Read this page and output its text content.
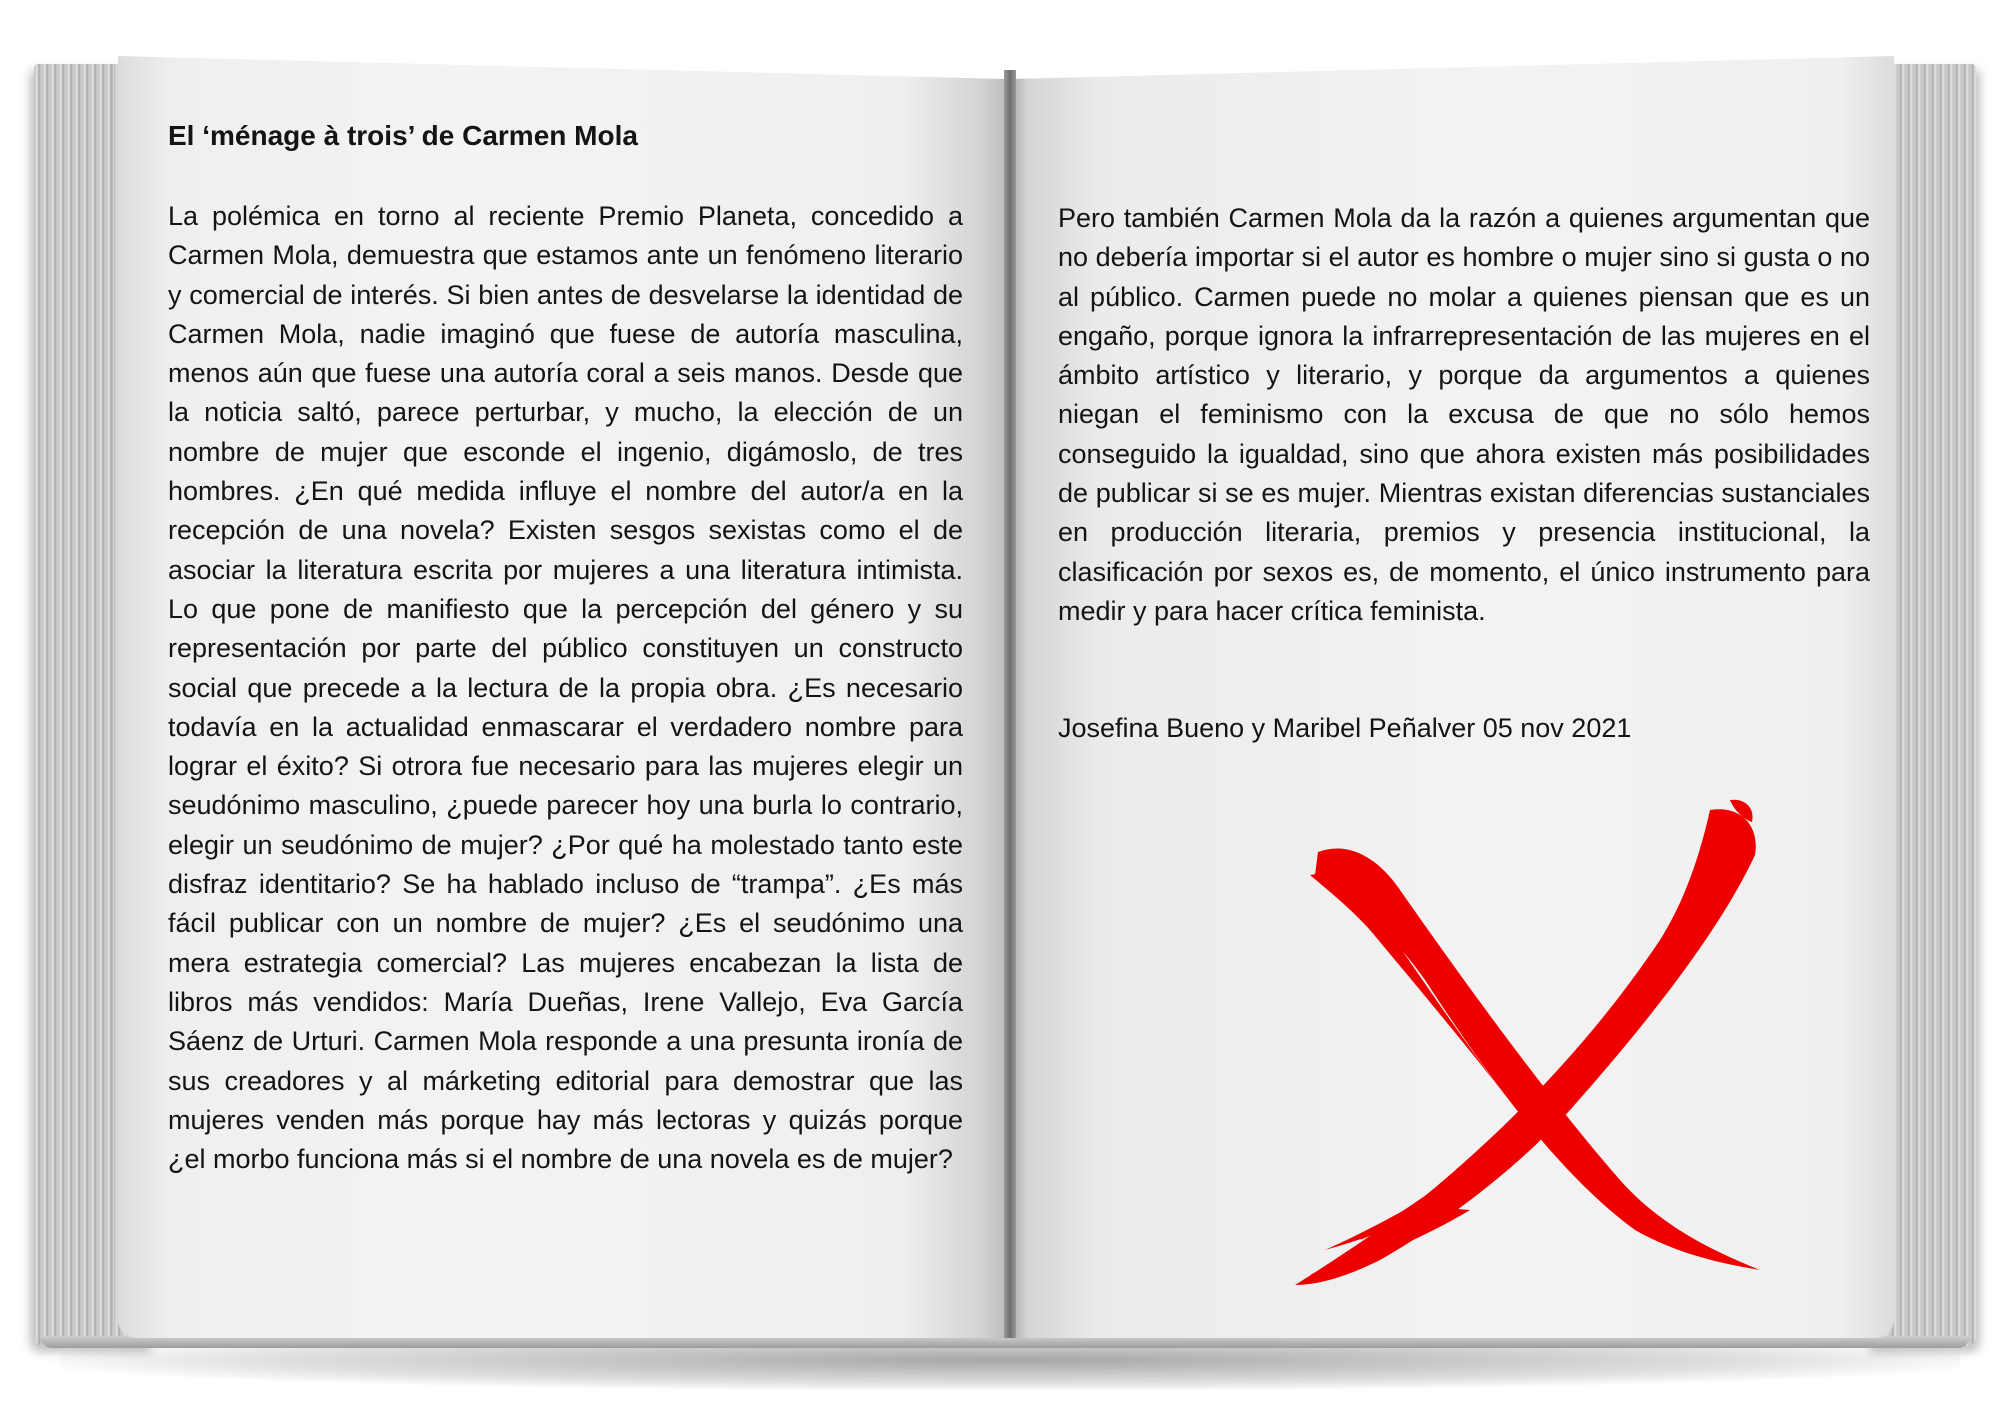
El ‘ménage à trois’ de Carmen Mola

La polémica en torno al reciente Premio Planeta, concedido a Carmen Mola, demuestra que estamos ante un fenómeno literario y comercial de interés. Si bien antes de desvelarse la identidad de Carmen Mola, nadie imaginó que fuese de autoría masculina, menos aún que fuese una autoría coral a seis manos. Desde que la noticia saltó, parece perturbar, y mucho, la elección de un nombre de mujer que esconde el ingenio, digámoslo, de tres hombres. ¿En qué medida influye el nombre del autor/a en la recepción de una novela? Existen sesgos sexistas como el de asociar la literatura escrita por mujeres a una literatura intimista. Lo que pone de manifiesto que la percepción del género y su representación por parte del público constituyen un constructo social que precede a la lectura de la propia obra. ¿Es necesario todavía en la actualidad enmascarar el verdadero nombre para lograr el éxito? Si otrora fue necesario para las mujeres elegir un seudónimo masculino, ¿puede parecer hoy una burla lo contrario, elegir un seudónimo de mujer? ¿Por qué ha molestado tanto este disfraz identitario? Se ha hablado incluso de “trampa”. ¿Es más fácil publicar con un nombre de mujer? ¿Es el seudónimo una mera estrategia comercial? Las mujeres encabezan la lista de libros más vendidos: María Dueñas, Irene Vallejo, Eva García Sáenz de Urturi. Carmen Mola responde a una presunta ironía de sus creadores y al márketing editorial para demostrar que las mujeres venden más porque hay más lectoras y quizás porque ¿el morbo funciona más si el nombre de una novela es de mujer?

Pero también Carmen Mola da la razón a quienes argumentan que no debería importar si el autor es hombre o mujer sino si gusta o no al público. Carmen puede no molar a quienes piensan que es un engaño, porque ignora la infrarrepresentación de las mujeres en el ámbito artístico y literario, y porque da argumentos a quienes niegan el feminismo con la excusa de que no sólo hemos conseguido la igualdad, sino que ahora existen más posibilidades de publicar si se es mujer. Mientras existan diferencias sustanciales en producción literaria, premios y presencia institucional, la clasificación por sexos es, de momento, el único instrumento para medir y para hacer crítica feminista.

Josefina Bueno y Maribel Peñalver 05 nov 2021
